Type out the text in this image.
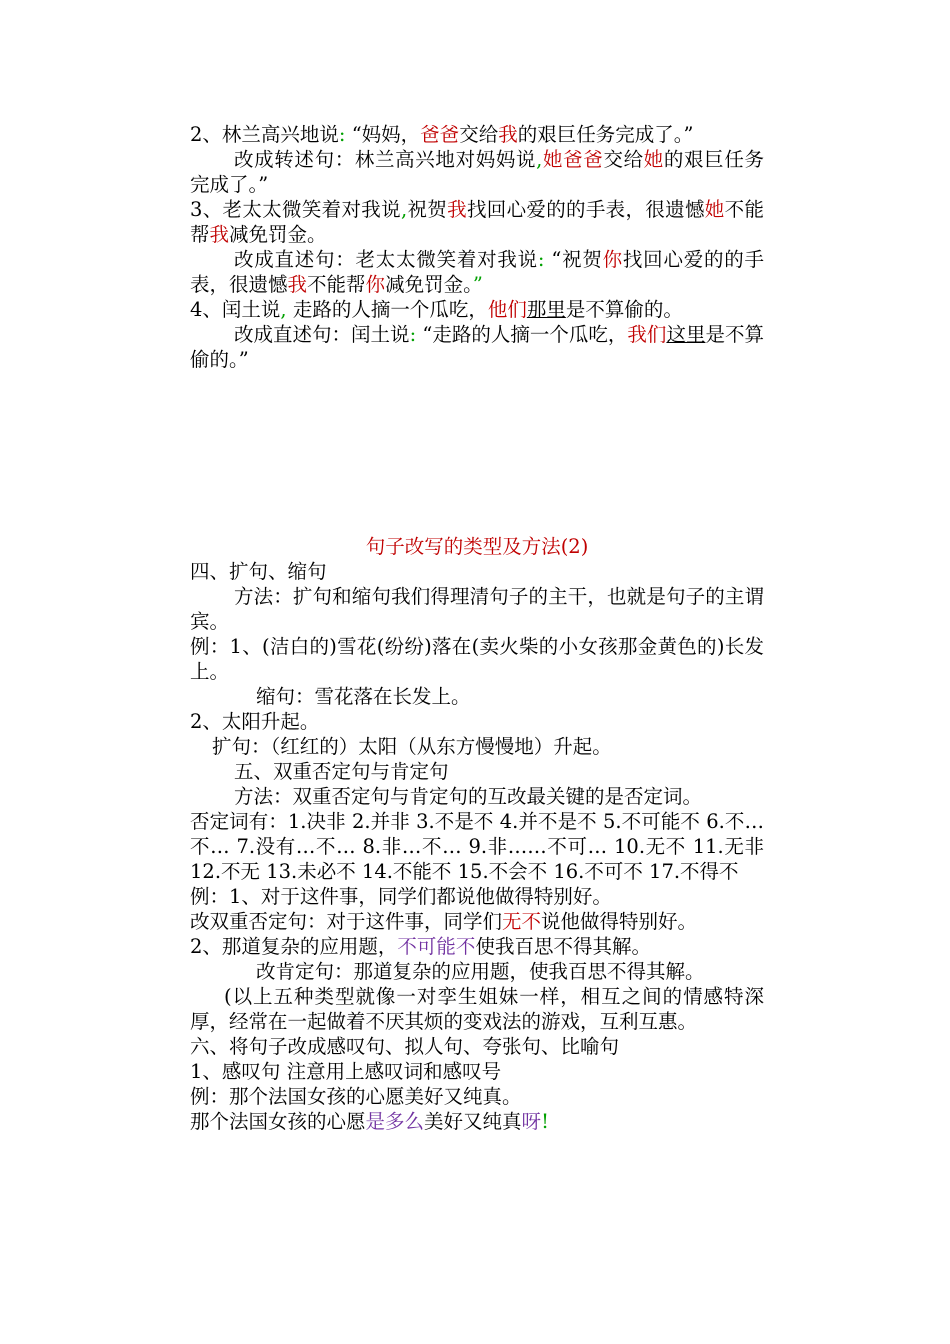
2、林兰高兴地说: “妈妈，爸爸交给我的艰巨任务完成了。”

改成转述句：林兰高兴地对妈妈说,她爸爸交给她的艰巨任务完成了。”

3、老太太微笑着对我说,祝贺我找回心爱的的手表，很遗憾她不能帮我减免罚金。

改成直述句：老太太微笑着对我说: “祝贺你找回心爱的的手表，很遗憾我不能帮你减免罚金。”

4、闰土说, 走路的人摘一个瓜吃，他们那里是不算偷的。

改成直述句：闰土说: “走路的人摘一个瓜吃，我们这里是不算偷的。”

句子改写的类型及方法(2)

四、扩句、缩句

方法：扩句和缩句我们得理清句子的主干，也就是句子的主谓宾。

例：1、(洁白的)雪花(纷纷)落在(卖火柴的小女孩那金黄色的)长发上。

缩句：雪花落在长发上。

2、太阳升起。

扩句：（红红的）太阳（从东方慢慢地）升起。

五、双重否定句与肯定句

方法：双重否定句与肯定句的互改最关键的是否定词。

否定词有：1.决非 2.并非 3.不是不 4.并不是不 5.不可能不 6.不…不… 7.没有…不… 8.非…不… 9.非……不可… 10.无不 11.无非 12.不无 13.未必不 14.不能不 15.不会不 16.不可不 17.不得不

例：1、对于这件事，同学们都说他做得特别好。

改双重否定句：对于这件事，同学们无不说他做得特别好。

2、那道复杂的应用题，不可能不使我百思不得其解。

改肯定句：那道复杂的应用题，使我百思不得其解。

(以上五种类型就像一对孪生姐妹一样，相互之间的情感特深厚，经常在一起做着不厌其烦的变戏法的游戏，互利互惠。

六、将句子改成感叹句、拟人句、夸张句、比喻句

1、感叹句 注意用上感叹词和感叹号

例：那个法国女孩的心愿美好又纯真。

那个法国女孩的心愿是多么美好又纯真呀!
